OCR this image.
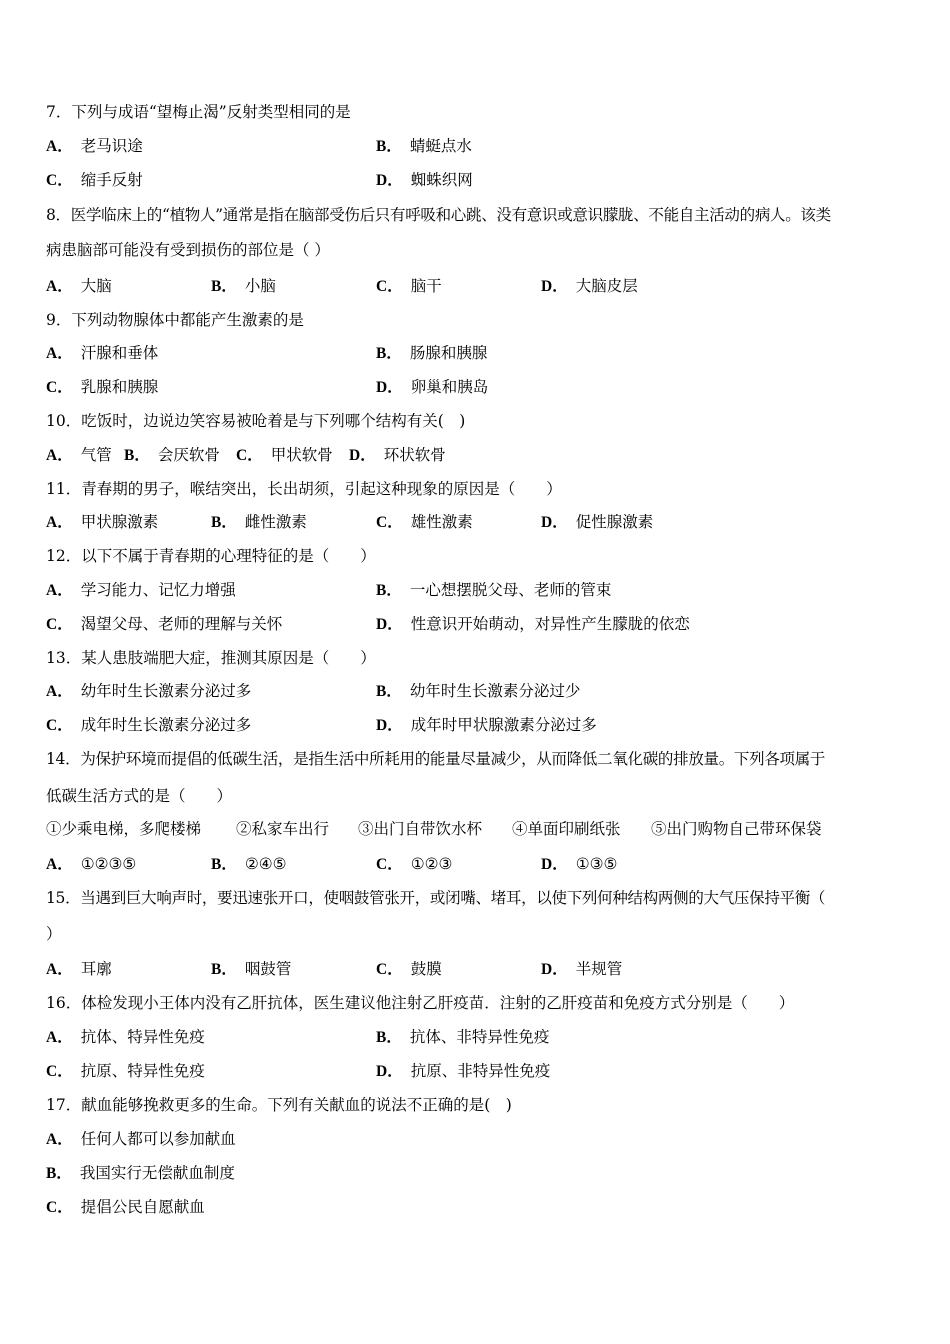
7．下列与成语“望梅止渴”反射类型相同的是
A． 老马识途	B． 蜻蜓点水
C． 缩手反射	D． 蜘蛛织网
8．医学临床上的“植物人”通常是指在脑部受伤后只有呼吸和心跳、没有意识或意识朦胧、不能自主活动的病人。该类
病患脑部可能没有受到损伤的部位是（ ）
A． 大脑	B． 小脑	C． 脑干	D． 大脑皮层
9．下列动物腺体中都能产生激素的是
A． 汗腺和垂体	B． 肠腺和胰腺
C． 乳腺和胰腺	D． 卵巢和胰岛
10．吃饭时，边说边笑容易被呛着是与下列哪个结构有关(　)
A． 气管 B． 会厌软骨 C． 甲状软骨 D． 环状软骨
11．青春期的男子，喉结突出，长出胡须，引起这种现象的原因是（　　）
A． 甲状腺激素	B． 雌性激素	C． 雄性激素	D． 促性腺激素
12．以下不属于青春期的心理特征的是（　　）
A． 学习能力、记忆力增强	B． 一心想摆脱父母、老师的管束
C． 渴望父母、老师的理解与关怀	D． 性意识开始萌动，对异性产生朦胧的依恋
13．某人患肢端肥大症，推测其原因是（　　）
A． 幼年时生长激素分泌过多	B． 幼年时生长激素分泌过少
C． 成年时生长激素分泌过多	D． 成年时甲状腺激素分泌过多
14．为保护环境而提倡的低碳生活，是指生活中所耗用的能量尽量减少，从而降低二氧化碳的排放量。下列各项属于
低碳生活方式的是（　　）
①少乘电梯，多爬楼梯 ②私家车出行 ③出门自带饮水杯 ④单面印刷纸张 ⑤出门购物自己带环保袋
A． ①②③⑤	B． ②④⑤	C． ①②③	D． ①③⑤
15．当遇到巨大响声时，要迅速张开口，使咽鼓管张开，或闭嘴、堵耳，以使下列何种结构两侧的大气压保持平衡（
）
A． 耳廓	B． 咽鼓管	C． 鼓膜	D． 半规管
16．体检发现小王体内没有乙肝抗体，医生建议他注射乙肝疫苗．注射的乙肝疫苗和免疫方式分别是（　　）
A． 抗体、特异性免疫	B． 抗体、非特异性免疫
C． 抗原、特异性免疫	D． 抗原、非特异性免疫
17．献血能够挽救更多的生命。下列有关献血的说法不正确的是(　)
A． 任何人都可以参加献血
B． 我国实行无偿献血制度
C． 提倡公民自愿献血
